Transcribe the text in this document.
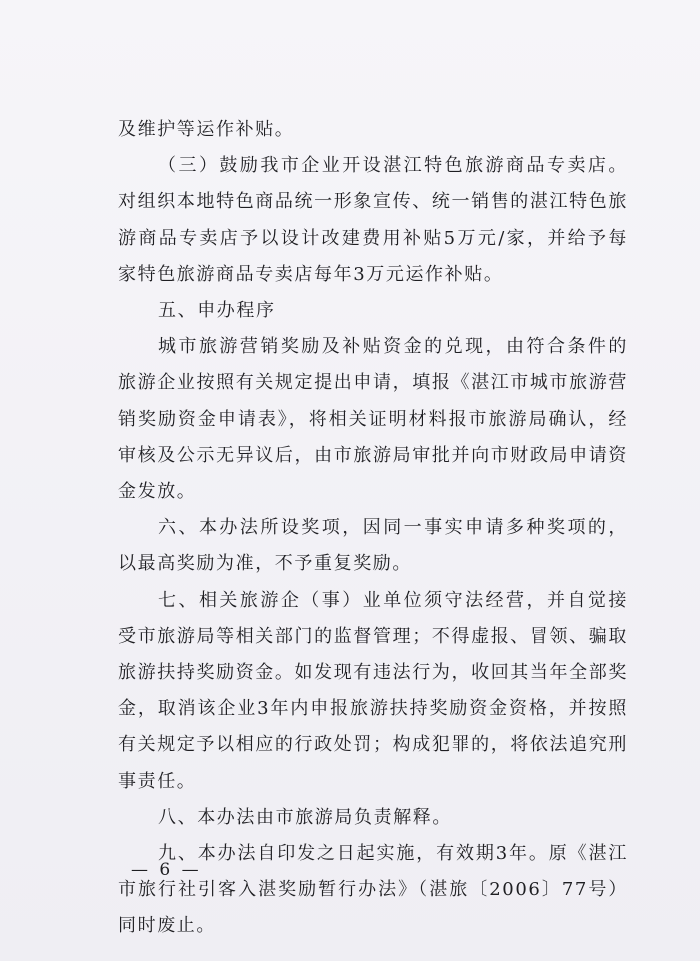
及维护等运作补贴。

（三）鼓励我市企业开设湛江特色旅游商品专卖店。对组织本地特色商品统一形象宣传、统一销售的湛江特色旅游商品专卖店予以设计改建费用补贴5万元/家，并给予每家特色旅游商品专卖店每年3万元运作补贴。

五、申办程序

城市旅游营销奖励及补贴资金的兑现，由符合条件的旅游企业按照有关规定提出申请，填报《湛江市城市旅游营销奖励资金申请表》，将相关证明材料报市旅游局确认，经审核及公示无异议后，由市旅游局审批并向市财政局申请资金发放。

六、本办法所设奖项，因同一事实申请多种奖项的，以最高奖励为准，不予重复奖励。

七、相关旅游企（事）业单位须守法经营，并自觉接受市旅游局等相关部门的监督管理；不得虚报、冒领、骗取旅游扶持奖励资金。如发现有违法行为，收回其当年全部奖金，取消该企业3年内申报旅游扶持奖励资金资格，并按照有关规定予以相应的行政处罚；构成犯罪的，将依法追究刑事责任。

八、本办法由市旅游局负责解释。

九、本办法自印发之日起实施，有效期3年。原《湛江市旅行社引客入湛奖励暂行办法》（湛旅〔2006〕77号）同时废止。

— 6 —
